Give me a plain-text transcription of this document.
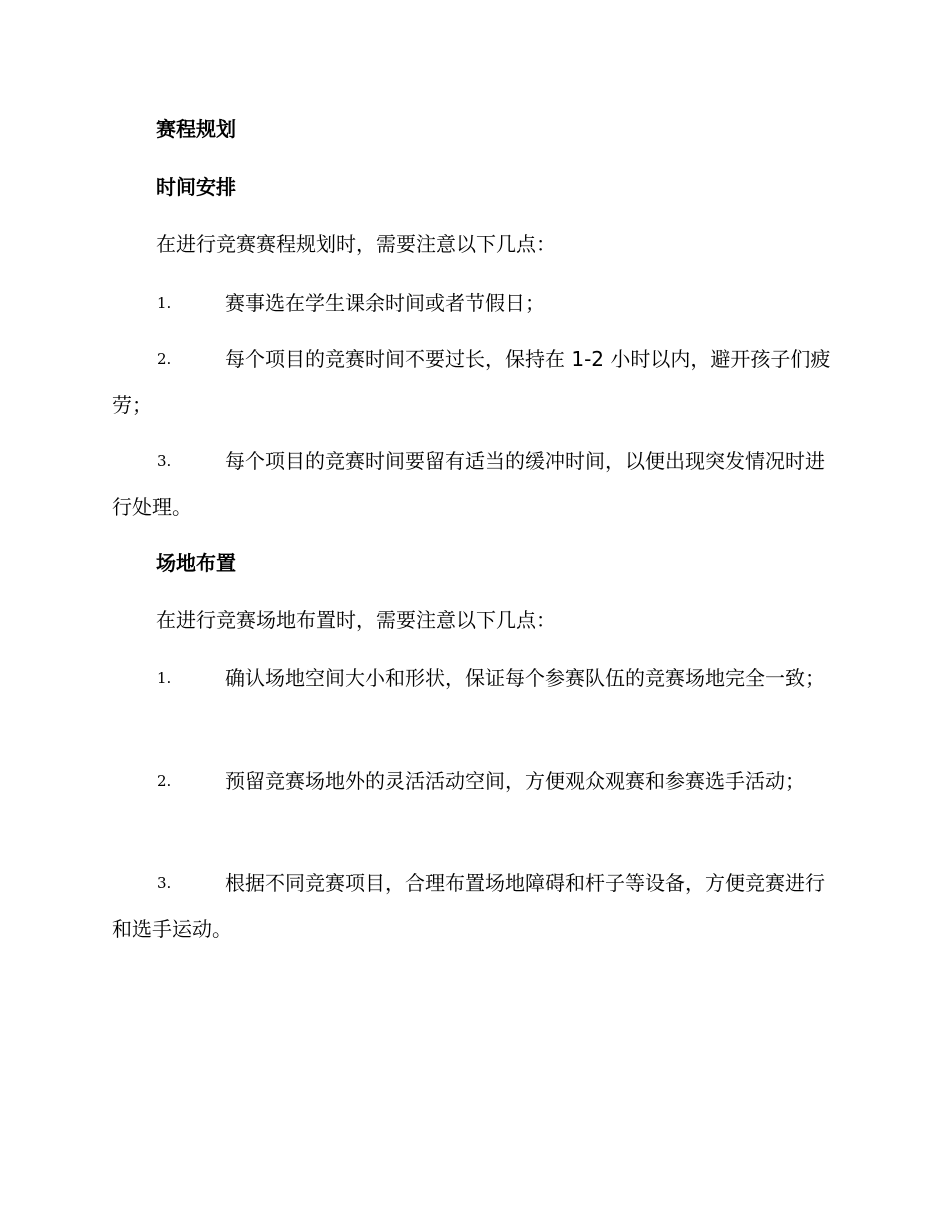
赛程规划
时间安排
在进行竞赛赛程规划时，需要注意以下几点：
1.	赛事选在学生课余时间或者节假日；
2.	每个项目的竞赛时间不要过长，保持在 1-2 小时以内，避开孩子们疲劳；
3.	每个项目的竞赛时间要留有适当的缓冲时间，以便出现突发情况时进行处理。
场地布置
在进行竞赛场地布置时，需要注意以下几点：
1.	确认场地空间大小和形状，保证每个参赛队伍的竞赛场地完全一致；
2.	预留竞赛场地外的灵活活动空间，方便观众观赛和参赛选手活动；
3.	根据不同竞赛项目，合理布置场地障碍和杆子等设备，方便竞赛进行和选手运动。
